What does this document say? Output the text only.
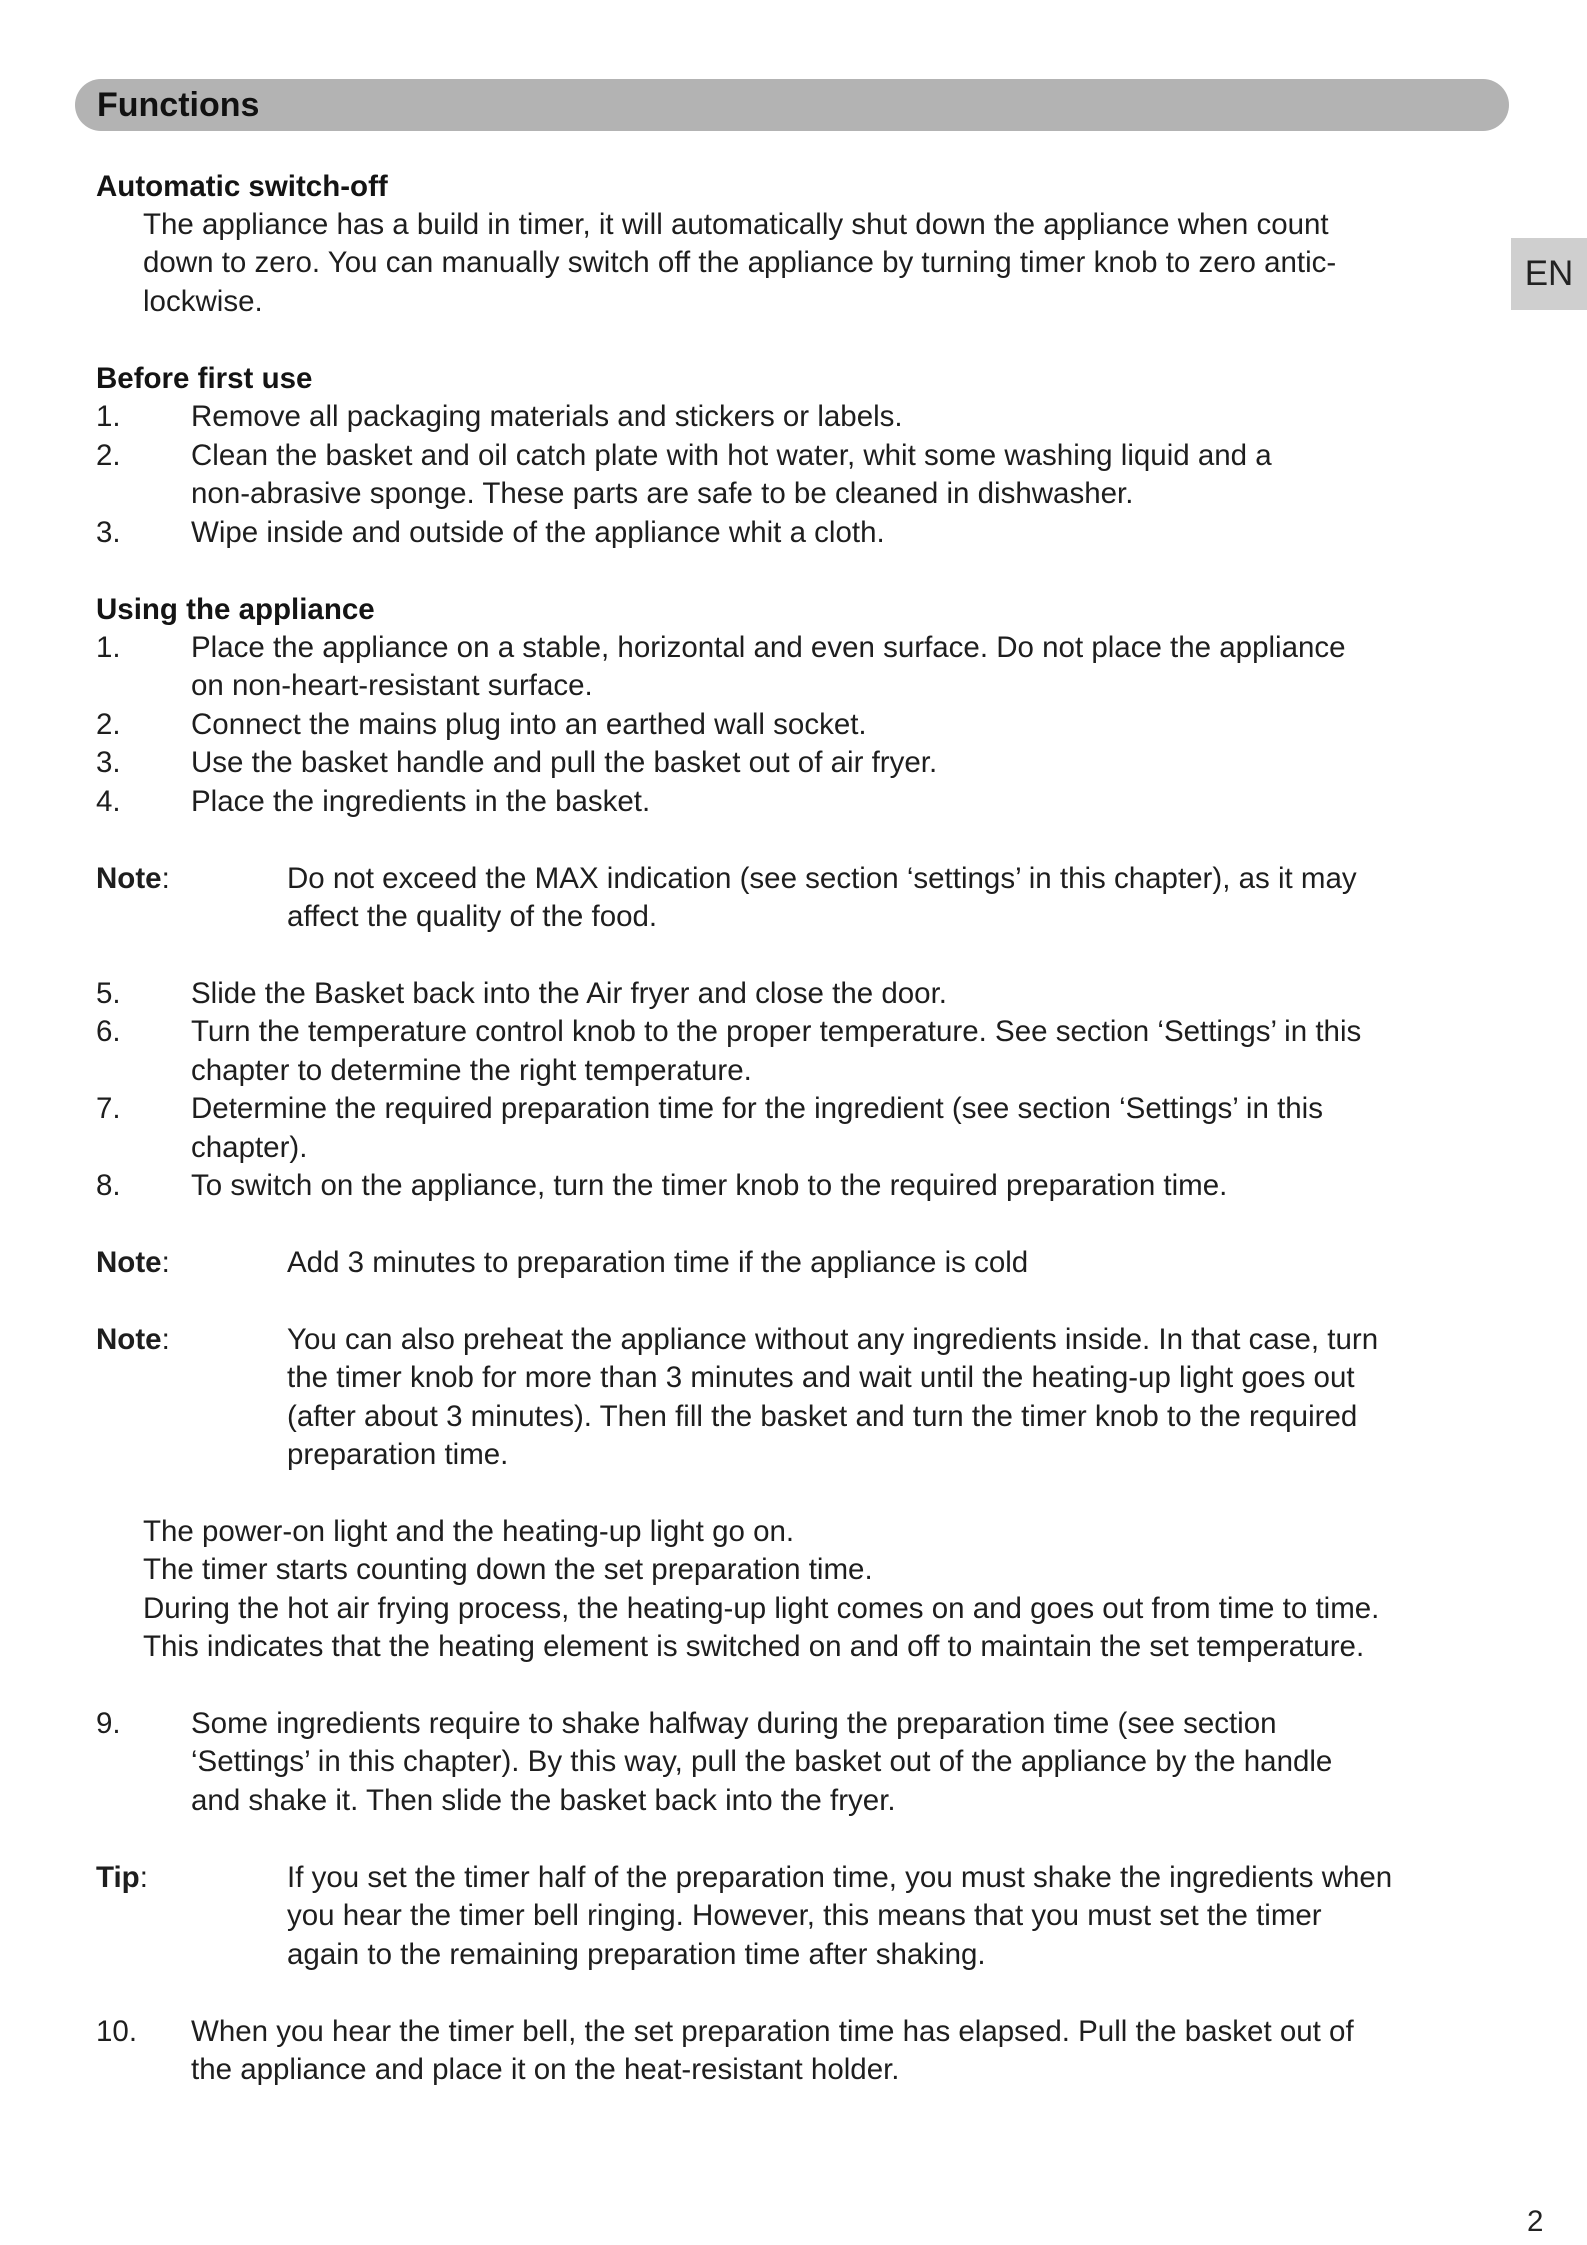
Functions
EN
Automatic switch-off
The appliance has a build in timer, it will automatically shut down the appliance when count
down to zero. You can manually switch off the appliance by turning timer knob to zero antic-
lockwise.
Before first use
1. Remove all packaging materials and stickers or labels.
2. Clean the basket and oil catch plate with hot water, whit some washing liquid and a
non-abrasive sponge. These parts are safe to be cleaned in dishwasher.
3. Wipe inside and outside of the appliance whit a cloth.
Using the appliance
1. Place the appliance on a stable, horizontal and even surface. Do not place the appliance
on non-heart-resistant surface.
2. Connect the mains plug into an earthed wall socket.
3. Use the basket handle and pull the basket out of air fryer.
4. Place the ingredients in the basket.
Note:	Do not exceed the MAX indication (see section ‘settings’ in this chapter), as it may
affect the quality of the food.
5. Slide the Basket back into the Air fryer and close the door.
6. Turn the temperature control knob to the proper temperature. See section ‘Settings’ in this
chapter to determine the right temperature.
7. Determine the required preparation time for the ingredient (see section ‘Settings’ in this
chapter).
8. To switch on the appliance, turn the timer knob to the required preparation time.
Note:	Add 3 minutes to preparation time if the appliance is cold
Note:	You can also preheat the appliance without any ingredients inside. In that case, turn
the timer knob for more than 3 minutes and wait until the heating-up light goes out
(after about 3 minutes). Then fill the basket and turn the timer knob to the required
preparation time.
The power-on light and the heating-up light go on.
The timer starts counting down the set preparation time.
During the hot air frying process, the heating-up light comes on and goes out from time to time.
This indicates that the heating element is switched on and off to maintain the set temperature.
9. Some ingredients require to shake halfway during the preparation time (see section
‘Settings’ in this chapter). By this way, pull the basket out of the appliance by the handle
and shake it. Then slide the basket back into the fryer.
Tip:	If you set the timer half of the preparation time, you must shake the ingredients when
you hear the timer bell ringing. However, this means that you must set the timer
again to the remaining preparation time after shaking.
10. When you hear the timer bell, the set preparation time has elapsed. Pull the basket out of
the appliance and place it on the heat-resistant holder.
2
